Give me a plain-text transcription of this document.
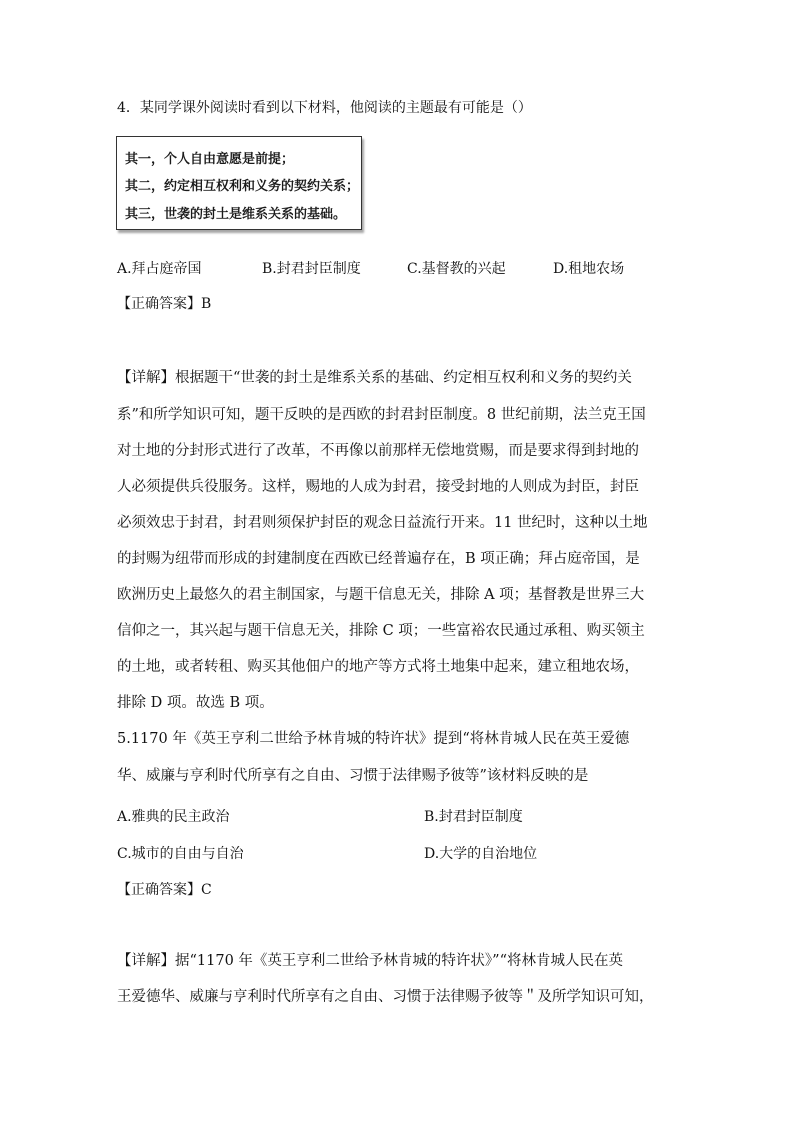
4．某同学课外阅读时看到以下材料，他阅读的主题最有可能是（）
其一，个人自由意愿是前提；
其二，约定相互权利和义务的契约关系；
其三，世袭的封土是维系关系的基础。
A.拜占庭帝国	B.封君封臣制度	C.基督教的兴起	D.租地农场
【正确答案】B
【详解】根据题干“世袭的封土是维系关系的基础、约定相互权利和义务的契约关
系”和所学知识可知，题干反映的是西欧的封君封臣制度。8 世纪前期，法兰克王国
对土地的分封形式进行了改革，不再像以前那样无偿地赏赐，而是要求得到封地的
人必须提供兵役服务。这样，赐地的人成为封君，接受封地的人则成为封臣，封臣
必须效忠于封君，封君则须保护封臣的观念日益流行开来。11 世纪时，这种以土地
的封赐为纽带而形成的封建制度在西欧已经普遍存在，B 项正确；拜占庭帝国，是
欧洲历史上最悠久的君主制国家，与题干信息无关，排除 A 项；基督教是世界三大
信仰之一，其兴起与题干信息无关，排除 C 项；一些富裕农民通过承租、购买领主
的土地，或者转租、购买其他佃户的地产等方式将土地集中起来，建立租地农场，
排除 D 项。故选 B 项。
5.1170 年《英王亨利二世给予林肯城的特许状》提到“将林肯城人民在英王爱德
华、威廉与亨利时代所享有之自由、习惯于法律赐予彼等”该材料反映的是
A.雅典的民主政治	B.封君封臣制度
C.城市的自由与自治	D.大学的自治地位
【正确答案】C
【详解】据“1170 年《英王亨利二世给予林肯城的特许状》”“将林肯城人民在英
王爱德华、威廉与亨利时代所享有之自由、习惯于法律赐予彼等＂及所学知识可知，
